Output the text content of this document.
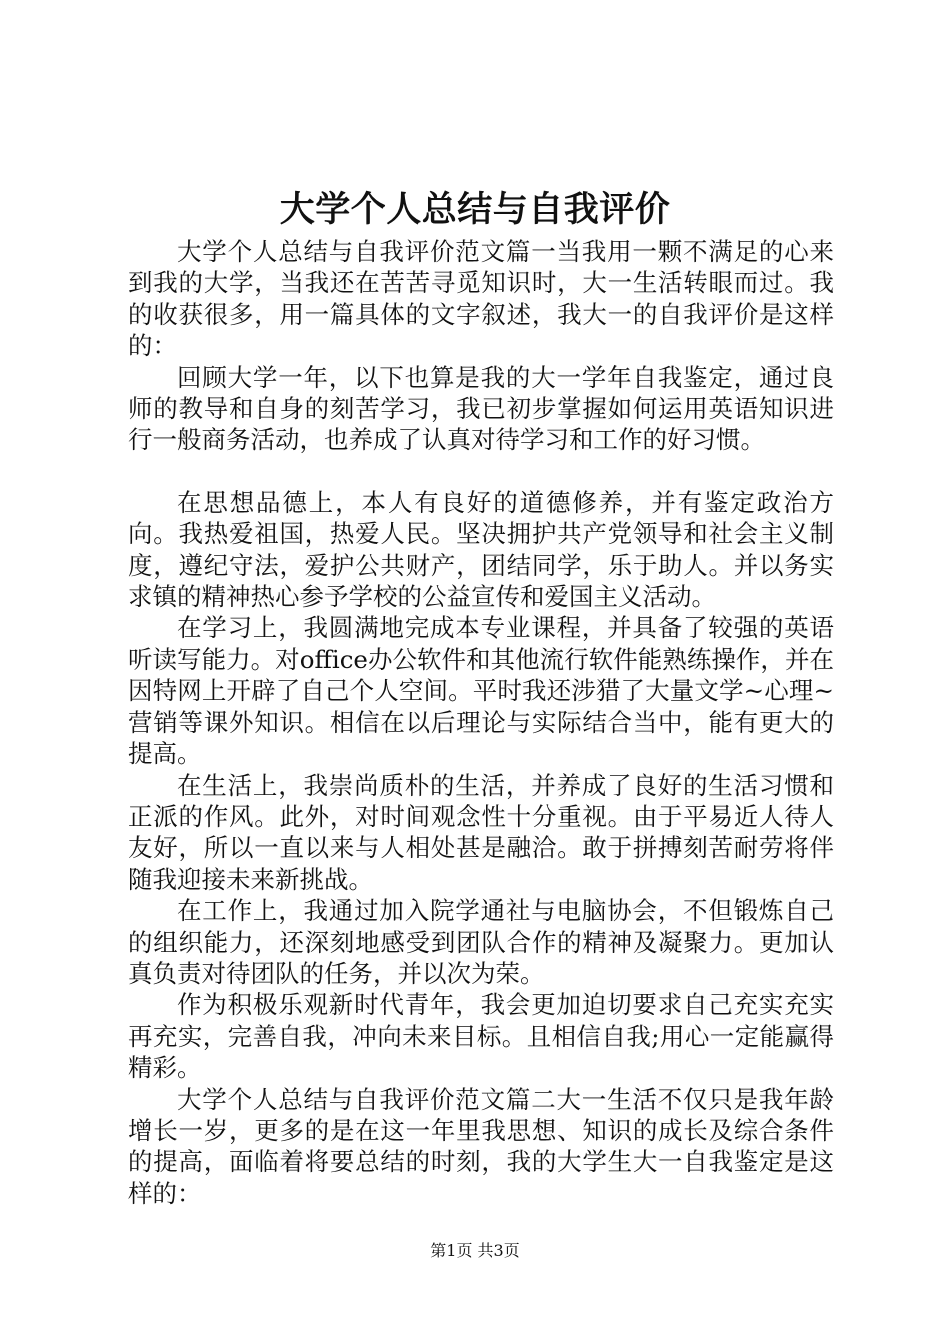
大学个人总结与自我评价

大学个人总结与自我评价范文篇一当我用一颗不满足的心来到我的大学，当我还在苦苦寻觅知识时，大一生活转眼而过。我的收获很多，用一篇具体的文字叙述，我大一的自我评价是这样的：

回顾大学一年，以下也算是我的大一学年自我鉴定，通过良师的教导和自身的刻苦学习，我已初步掌握如何运用英语知识进行一般商务活动，也养成了认真对待学习和工作的好习惯。

在思想品德上，本人有良好的道德修养，并有鉴定政治方向。我热爱祖国，热爱人民。坚决拥护共产党领导和社会主义制度，遵纪守法，爱护公共财产，团结同学，乐于助人。并以务实求镇的精神热心参予学校的公益宣传和爱国主义活动。

在学习上，我圆满地完成本专业课程，并具备了较强的英语听读写能力。对office办公软件和其他流行软件能熟练操作，并在因特网上开辟了自己个人空间。平时我还涉猎了大量文学~心理~营销等课外知识。相信在以后理论与实际结合当中，能有更大的提高。

在生活上，我崇尚质朴的生活，并养成了良好的生活习惯和正派的作风。此外，对时间观念性十分重视。由于平易近人待人友好，所以一直以来与人相处甚是融洽。敢于拼搏刻苦耐劳将伴随我迎接未来新挑战。

在工作上，我通过加入院学通社与电脑协会，不但锻炼自己的组织能力，还深刻地感受到团队合作的精神及凝聚力。更加认真负责对待团队的任务，并以次为荣。

作为积极乐观新时代青年，我会更加迫切要求自己充实充实再充实，完善自我，冲向未来目标。且相信自我;用心一定能赢得精彩。

大学个人总结与自我评价范文篇二大一生活不仅只是我年龄增长一岁，更多的是在这一年里我思想、知识的成长及综合条件的提高，面临着将要总结的时刻，我的大学生大一自我鉴定是这样的：

第1页 共3页
